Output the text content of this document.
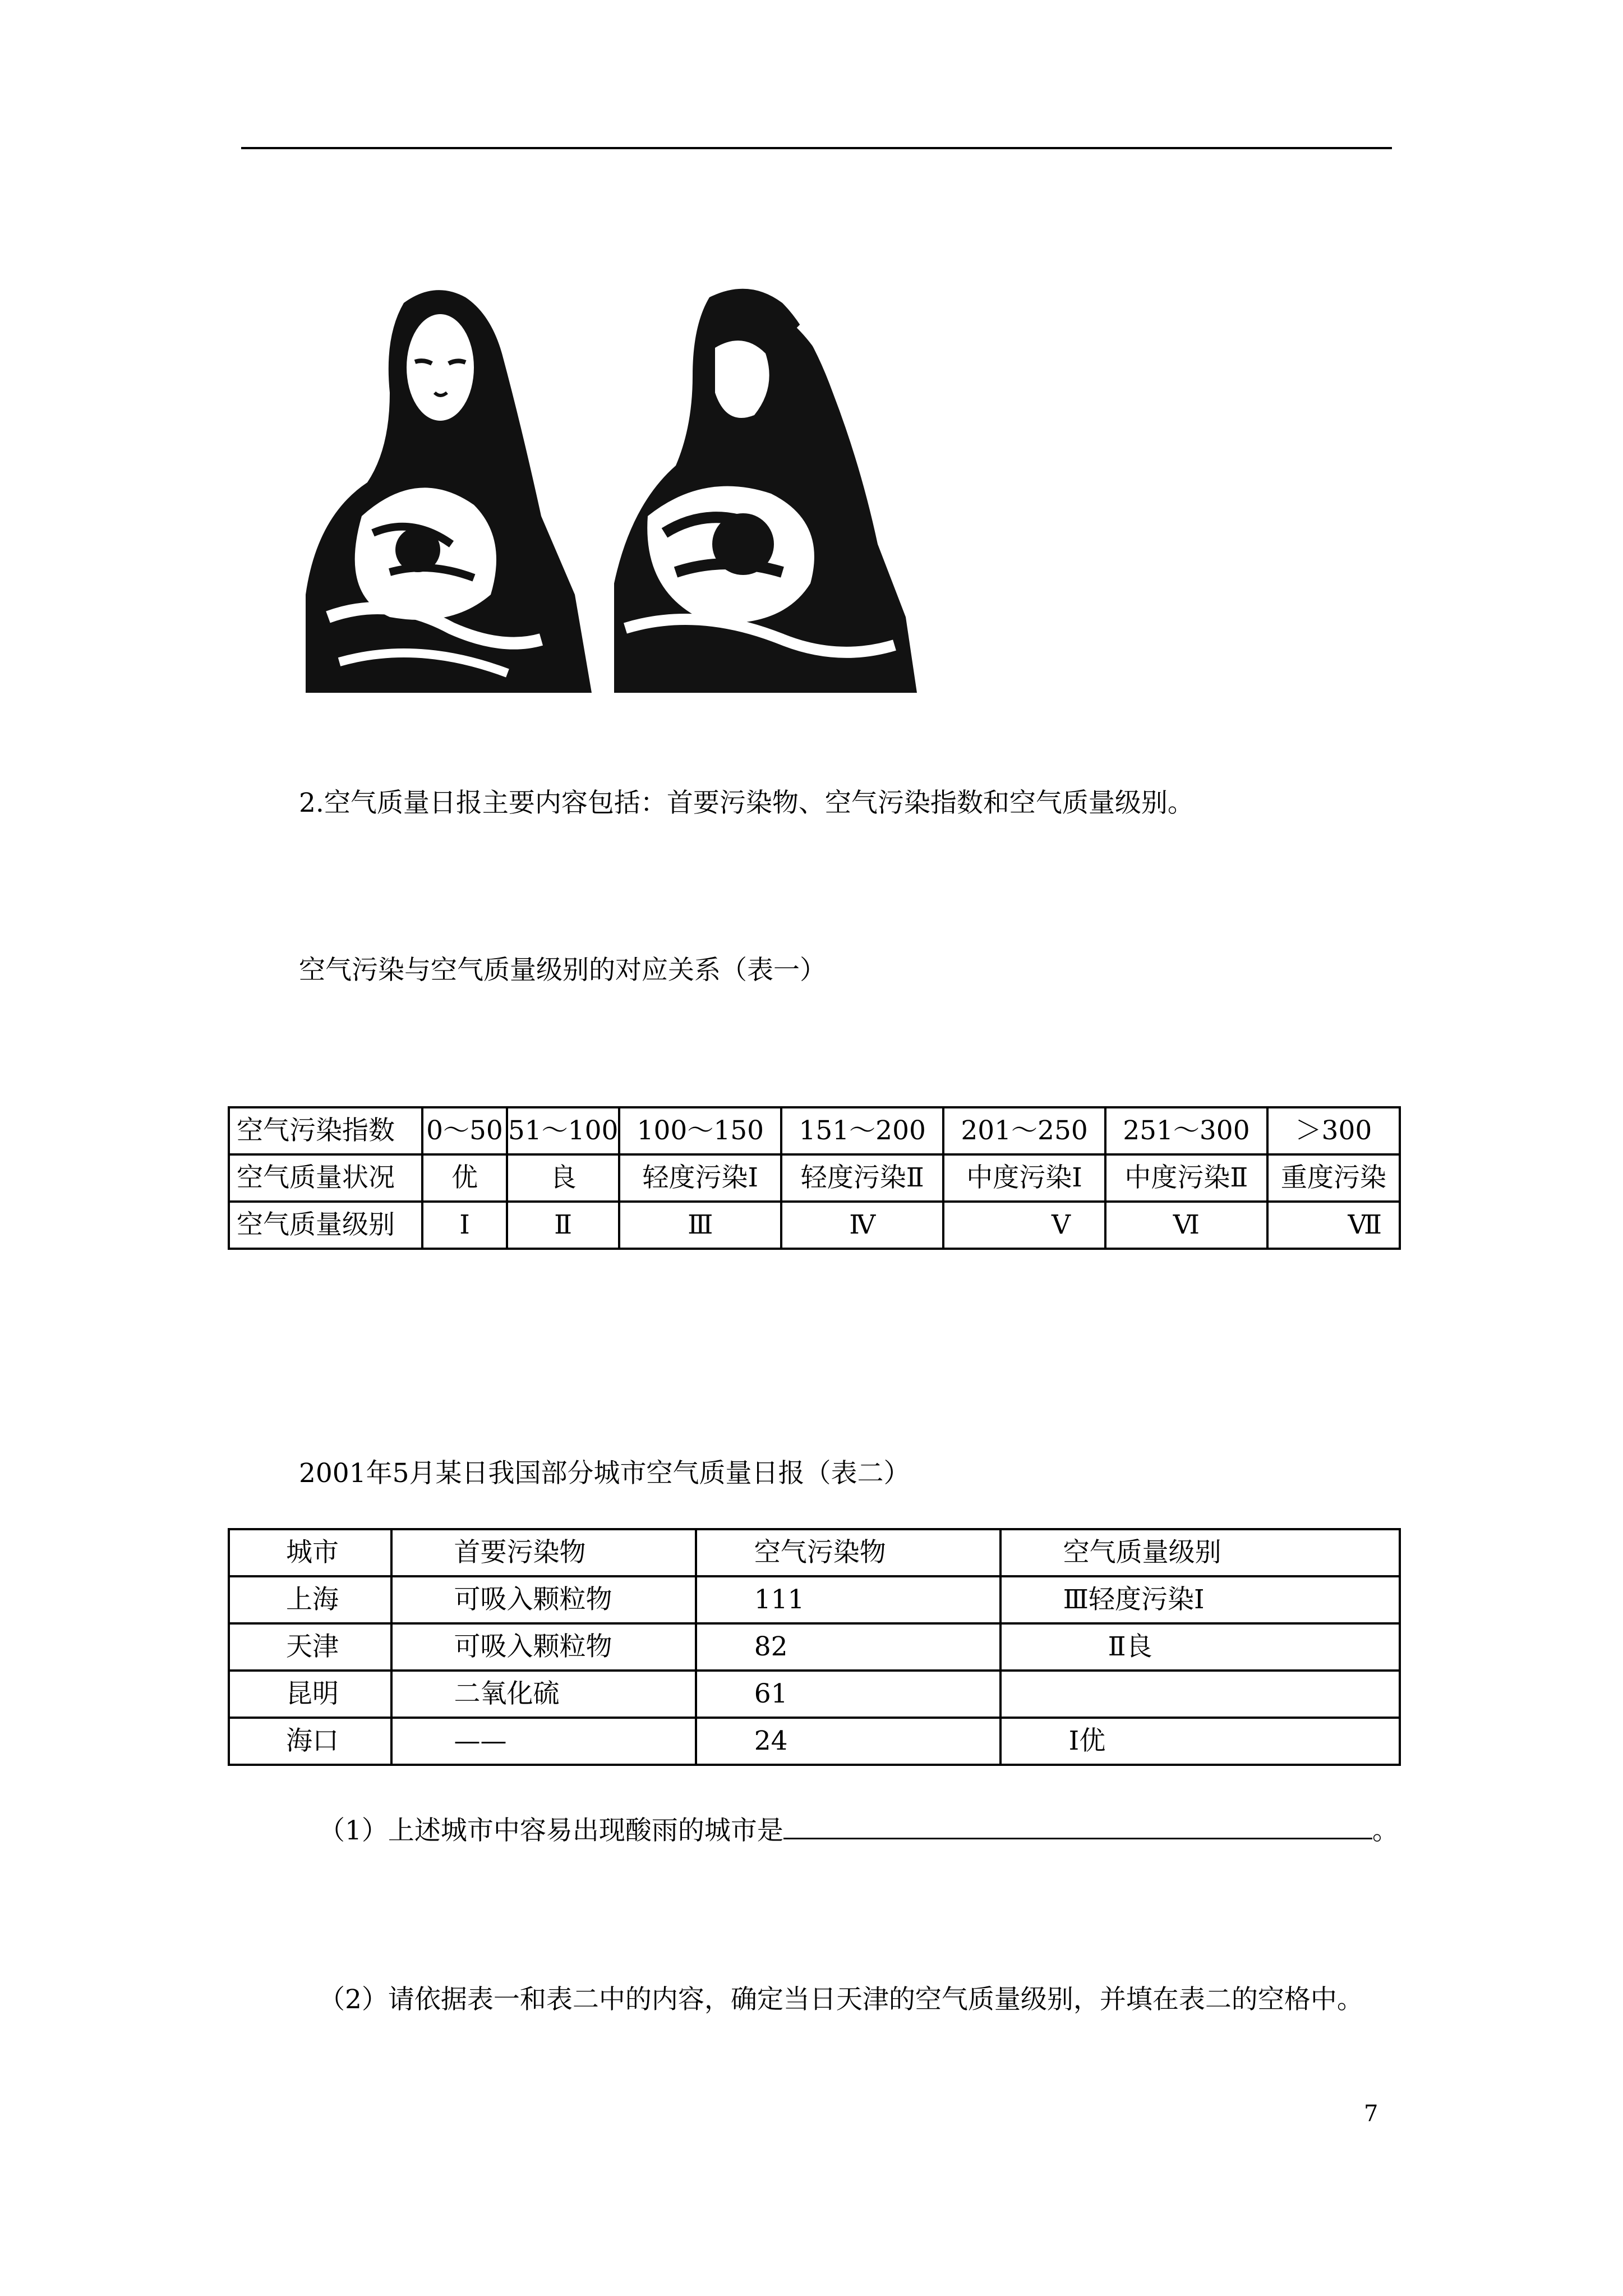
2.空气质量日报主要内容包括：首要污染物、空气污染指数和空气质量级别。
空气污染与空气质量级别的对应关系（表一）
空气污染指数	0～50	51～100	100～150	151～200	201～250	251～300	＞300
空气质量状况	优	良	轻度污染Ⅰ	轻度污染Ⅱ	中度污染Ⅰ	中度污染Ⅱ	重度污染
空气质量级别	Ⅰ	Ⅱ	Ⅲ	Ⅳ	Ⅴ	Ⅵ	Ⅶ
2001年5月某日我国部分城市空气质量日报（表二）
城市	首要污染物	空气污染物	空气质量级别
上海	可吸入颗粒物	111	Ⅲ轻度污染Ⅰ
天津	可吸入颗粒物	82	Ⅱ良
昆明	二氧化硫	61	
海口	——	24	Ⅰ优
（1）上述城市中容易出现酸雨的城市是	。
（2）请依据表一和表二中的内容，确定当日天津的空气质量级别，并填在表二的空格中。
7
